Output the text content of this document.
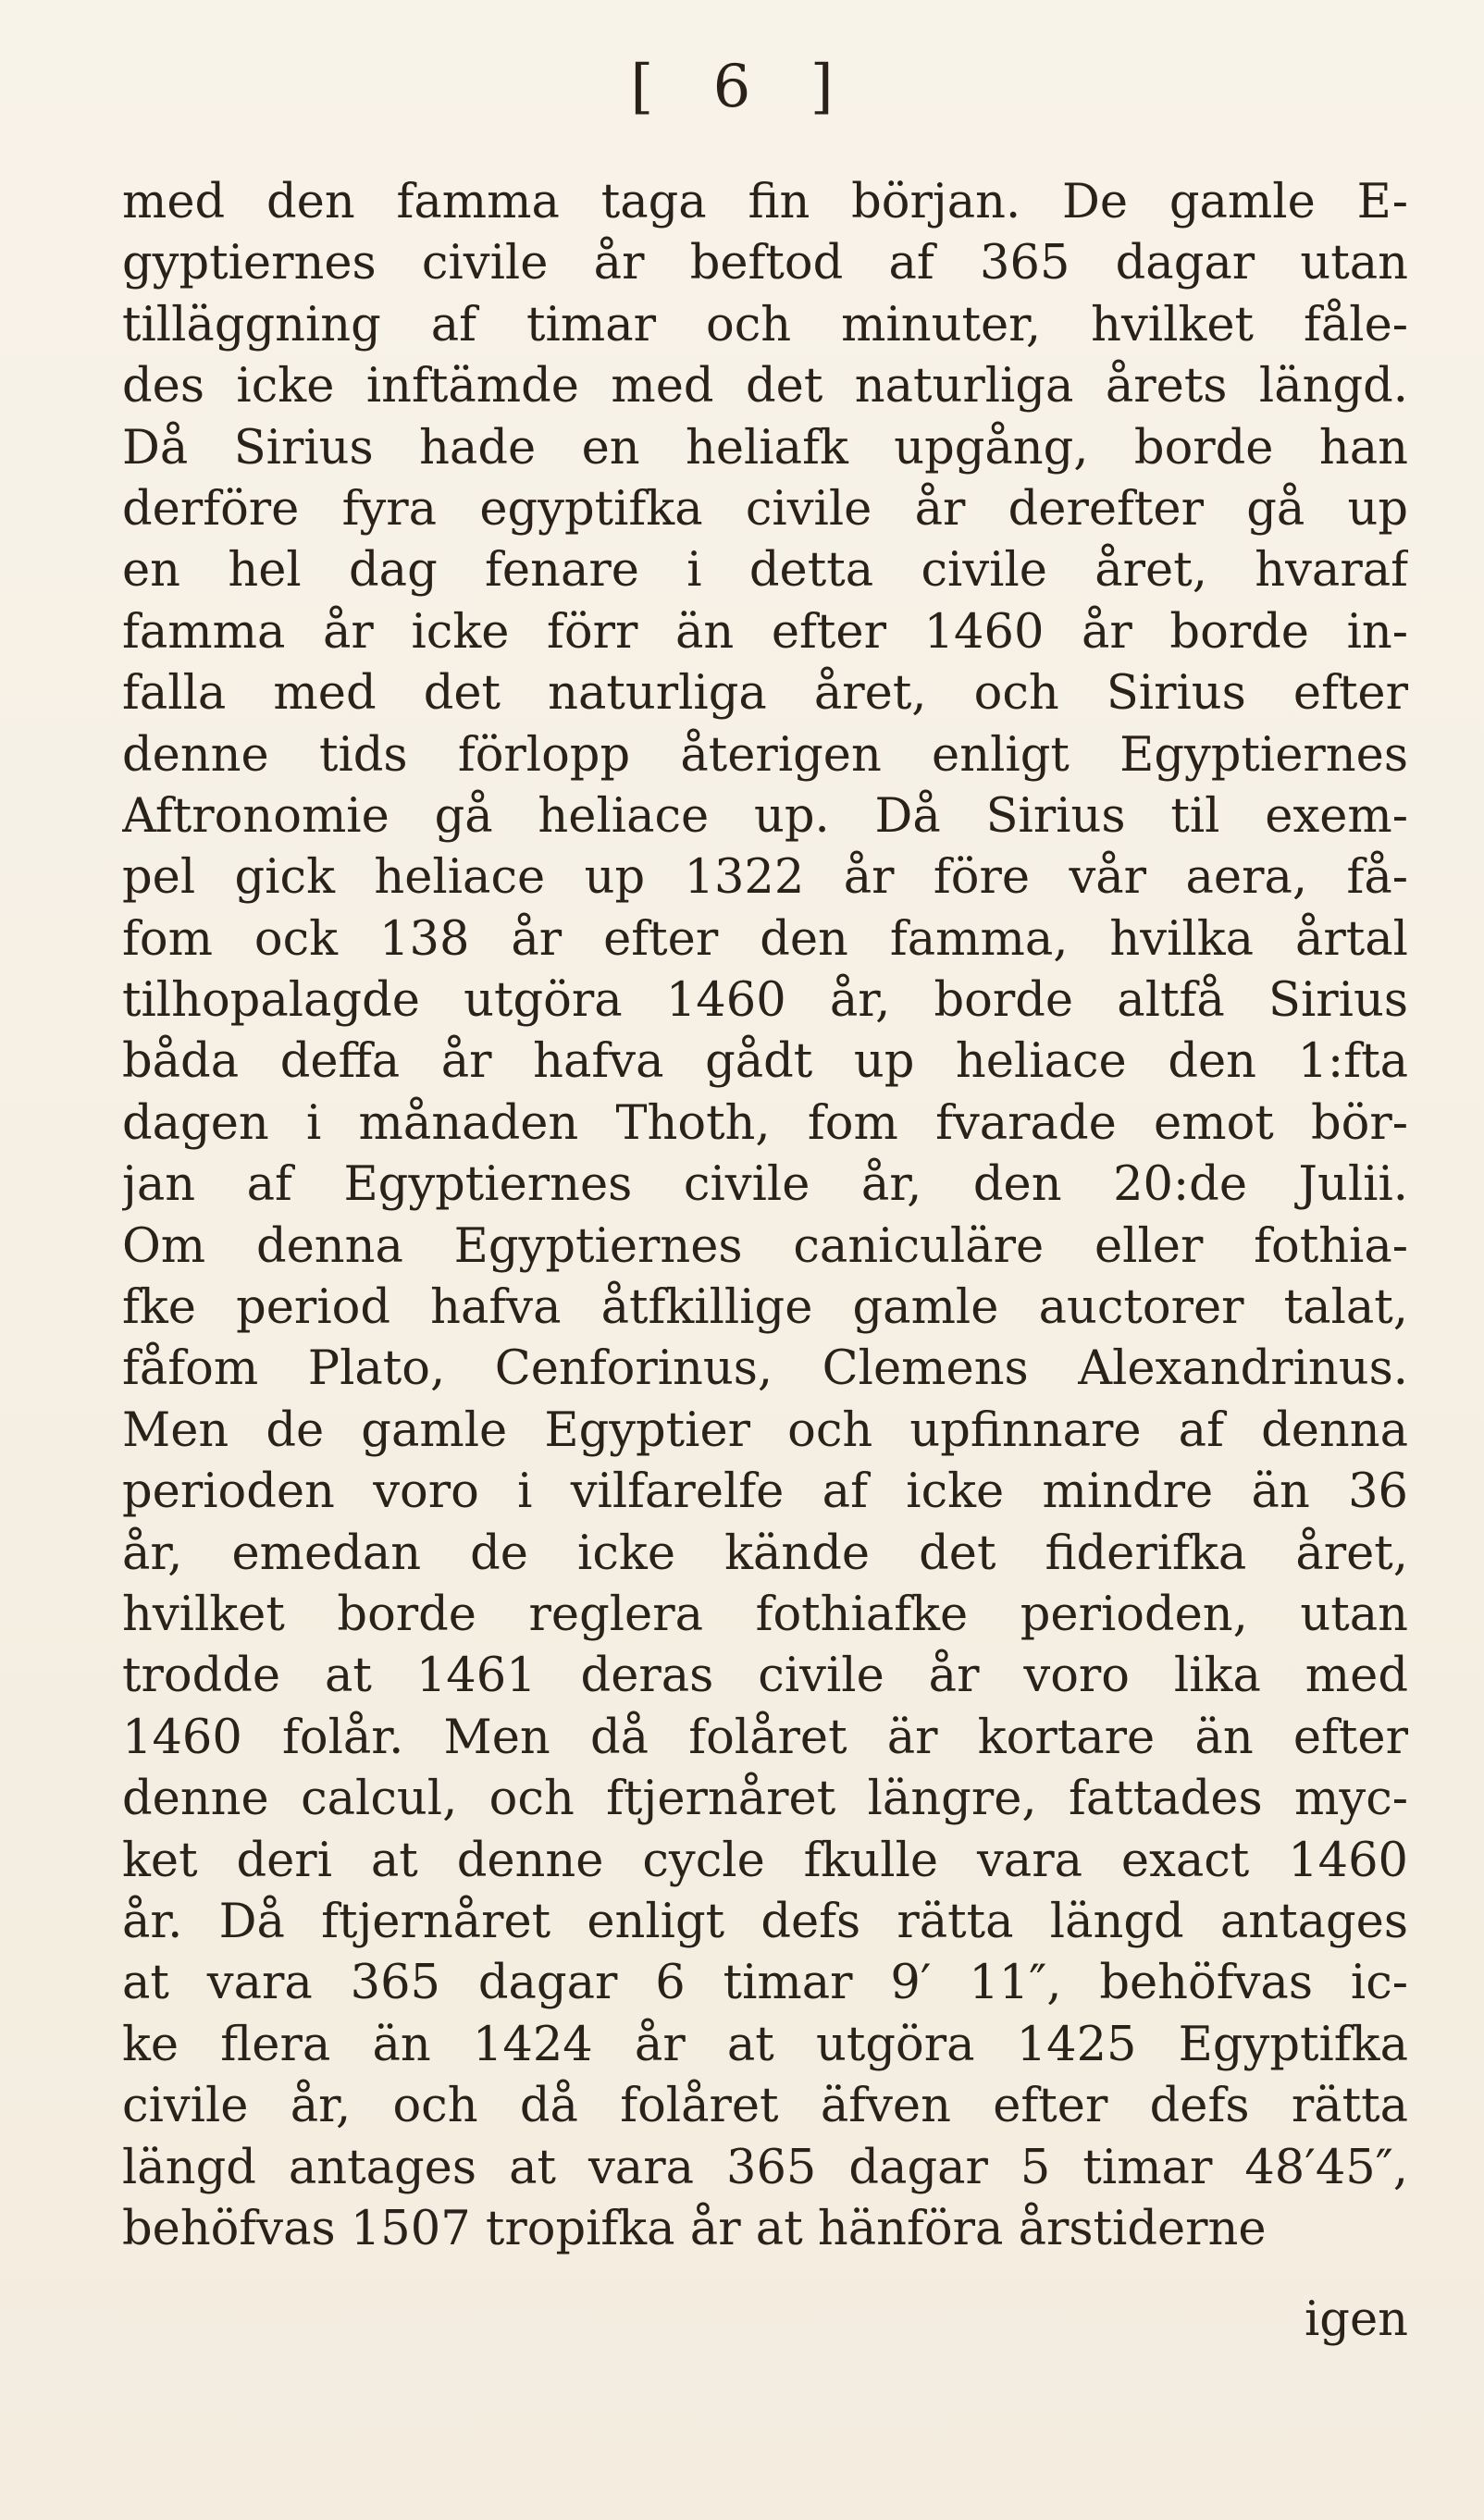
[ 6 ]
med den famma taga fin början. De gamle E-
gyptiernes civile år beftod af 365 dagar utan
tilläggning af timar och minuter, hvilket fåle-
des icke inftämde med det naturliga årets längd.
Då Sirius hade en heliafk upgång, borde han
derföre fyra egyptifka civile år derefter gå up
en hel dag fenare i detta civile året, hvaraf
famma år icke förr än efter 1460 år borde in-
falla med det naturliga året, och Sirius efter
denne tids förlopp återigen enligt Egyptiernes
Aftronomie gå heliace up. Då Sirius til exem-
pel gick heliace up 1322 år före vår aera, få-
fom ock 138 år efter den famma, hvilka årtal
tilhopalagde utgöra 1460 år, borde altfå Sirius
båda deffa år hafva gådt up heliace den 1:fta
dagen i månaden Thoth, fom fvarade emot bör-
jan af Egyptiernes civile år, den 20:de Julii.
Om denna Egyptiernes caniculäre eller fothia-
fke period hafva åtfkillige gamle auctorer talat,
fåfom Plato, Cenforinus, Clemens Alexandrinus.
Men de gamle Egyptier och upfinnare af denna
perioden voro i vilfarelfe af icke mindre än 36
år, emedan de icke kände det fiderifka året,
hvilket borde reglera fothiafke perioden, utan
trodde at 1461 deras civile år voro lika med
1460 folår. Men då folåret är kortare än efter
denne calcul, och ftjernåret längre, fattades myc-
ket deri at denne cycle fkulle vara exact 1460
år. Då ftjernåret enligt defs rätta längd antages
at vara 365 dagar 6 timar 9′ 11″, behöfvas ic-
ke flera än 1424 år at utgöra 1425 Egyptifka
civile år, och då folåret äfven efter defs rätta
längd antages at vara 365 dagar 5 timar 48′45″,
behöfvas 1507 tropifka år at hänföra årstiderne
igen
